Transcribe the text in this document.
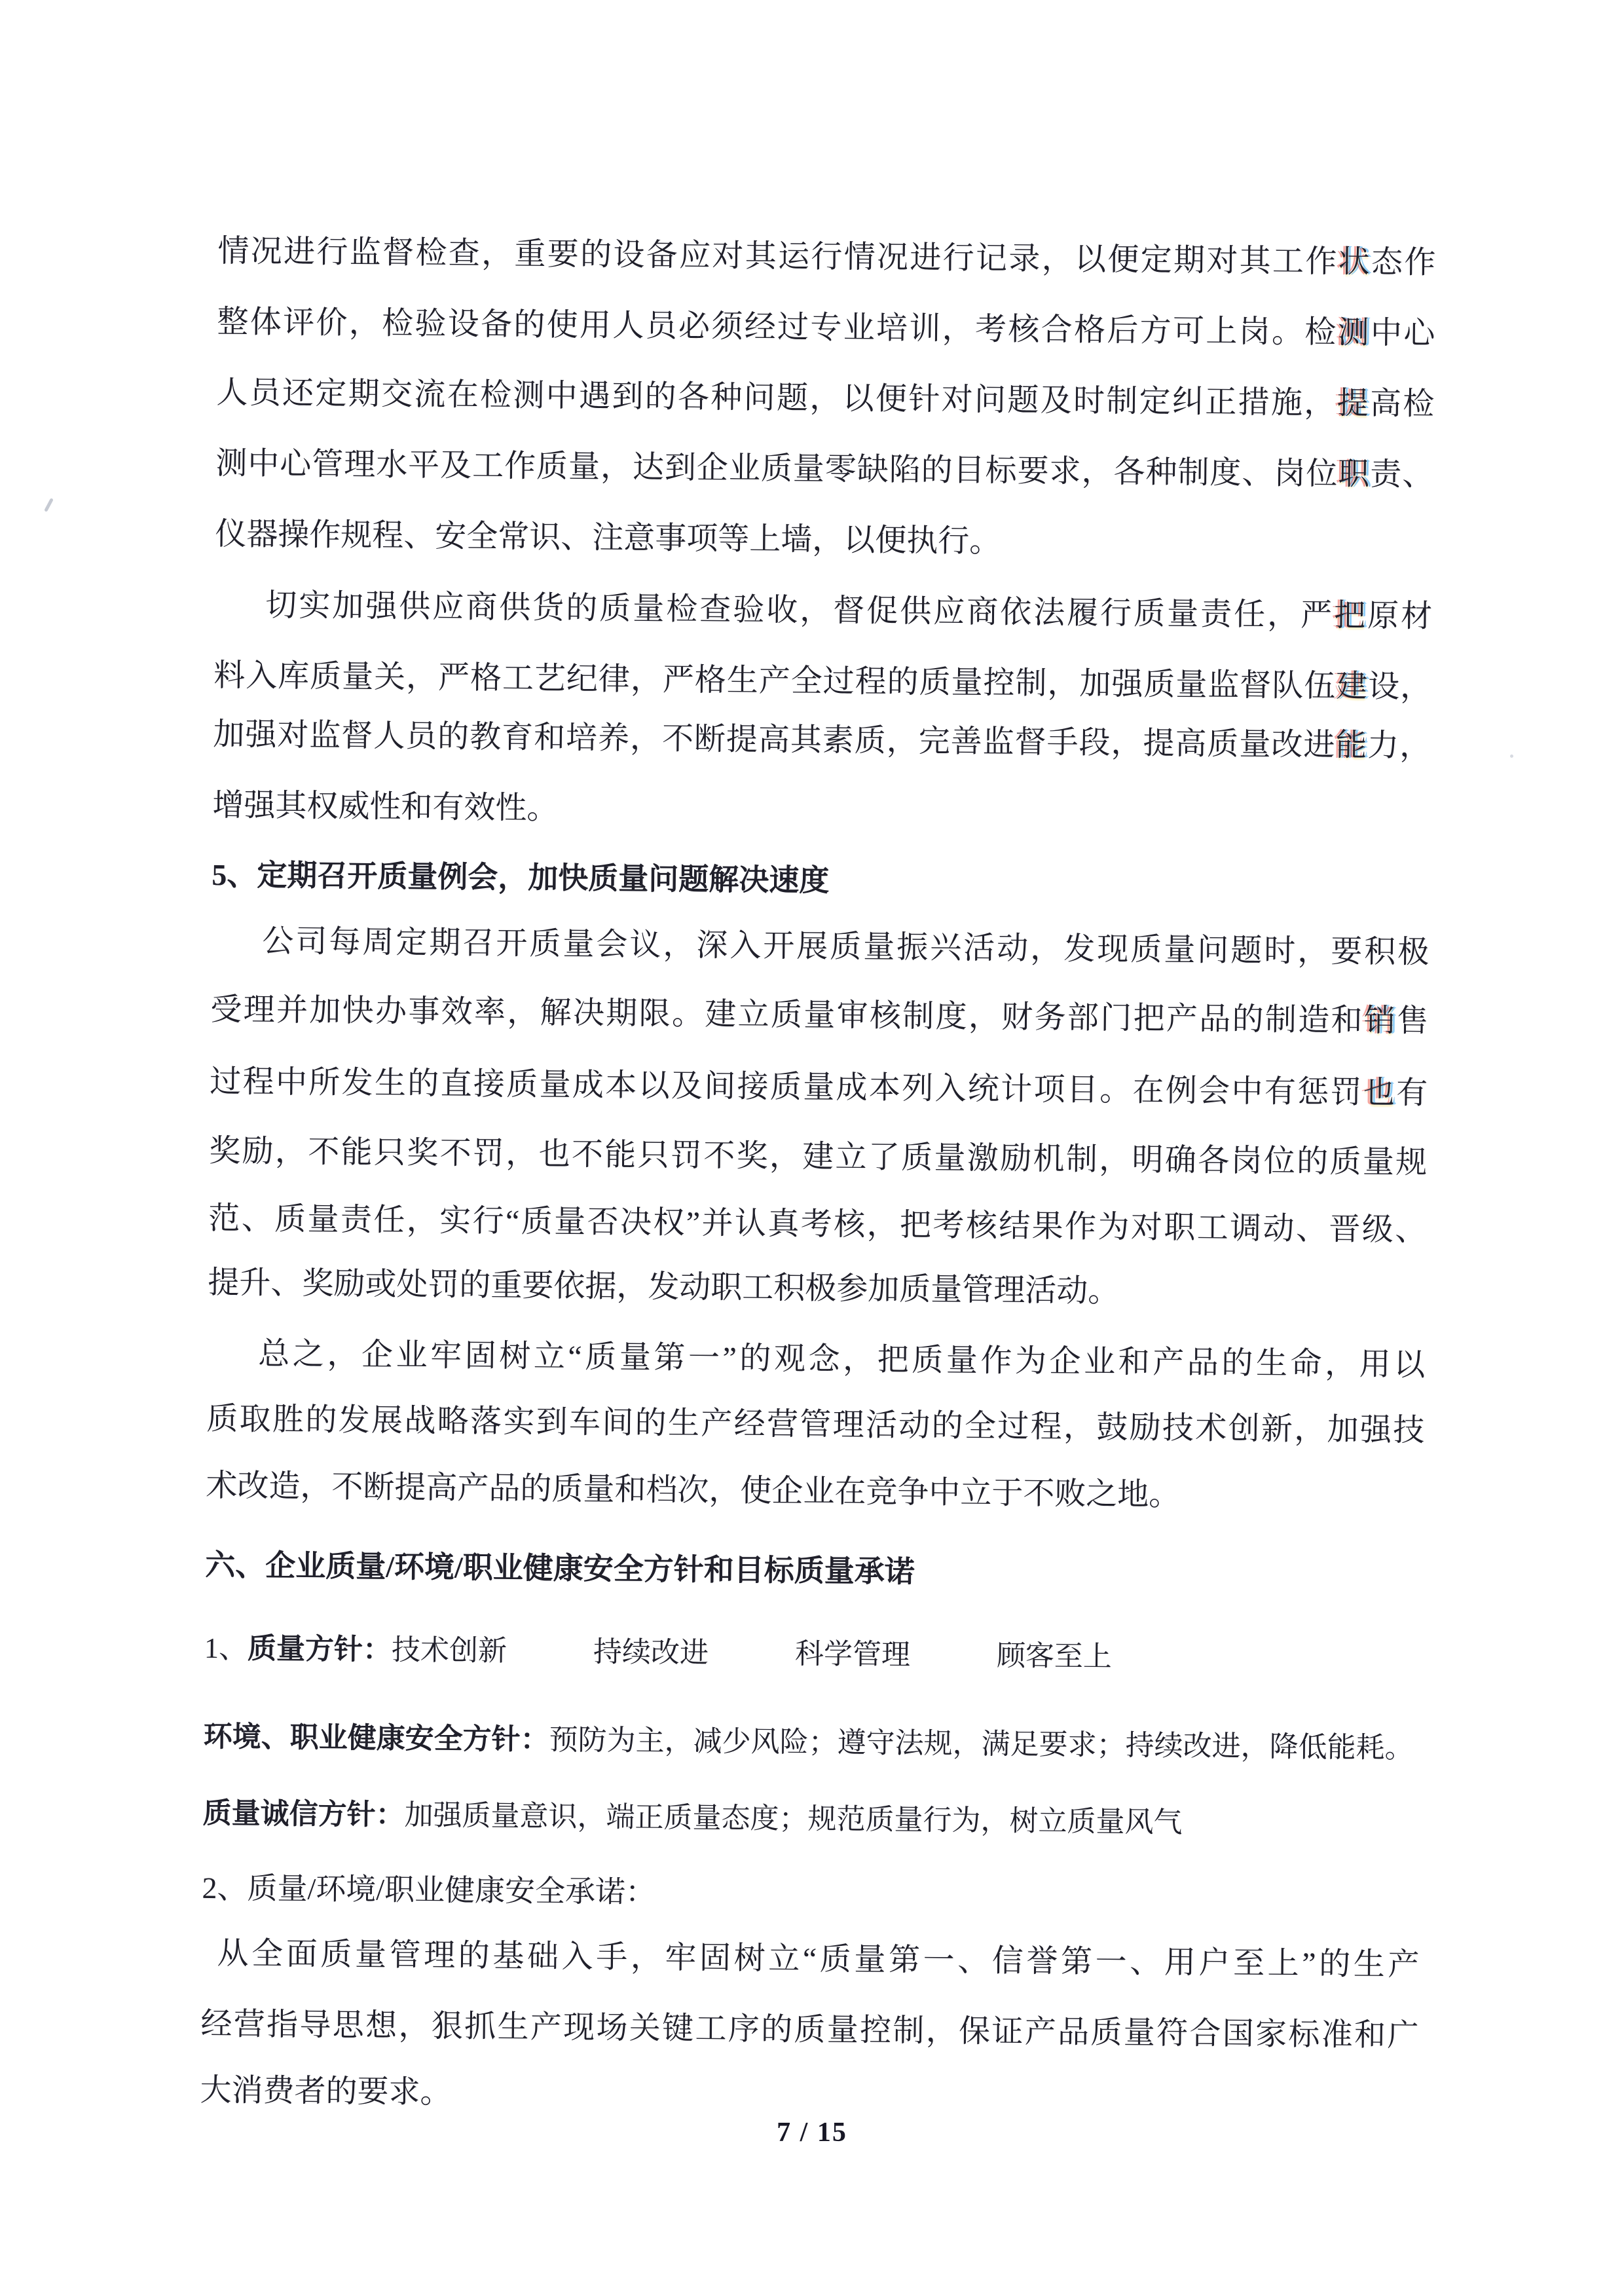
情况进行监督检查，重要的设备应对其运行情况进行记录，以便定期对其工作状态作

整体评价，检验设备的使用人员必须经过专业培训，考核合格后方可上岗。检测中心

人员还定期交流在检测中遇到的各种问题，以便针对问题及时制定纠正措施，提高检

测中心管理水平及工作质量，达到企业质量零缺陷的目标要求，各种制度、岗位职责、

仪器操作规程、安全常识、注意事项等上墙，以便执行。

切实加强供应商供货的质量检查验收，督促供应商依法履行质量责任，严把原材

料入库质量关，严格工艺纪律，严格生产全过程的质量控制，加强质量监督队伍建设，

加强对监督人员的教育和培养，不断提高其素质，完善监督手段，提高质量改进能力，

增强其权威性和有效性。

5、定期召开质量例会，加快质量问题解决速度

公司每周定期召开质量会议，深入开展质量振兴活动，发现质量问题时，要积极

受理并加快办事效率，解决期限。建立质量审核制度，财务部门把产品的制造和销售

过程中所发生的直接质量成本以及间接质量成本列入统计项目。在例会中有惩罚也有

奖励，不能只奖不罚，也不能只罚不奖，建立了质量激励机制，明确各岗位的质量规

范、质量责任，实行“质量否决权”并认真考核，把考核结果作为对职工调动、晋级、

提升、奖励或处罚的重要依据，发动职工积极参加质量管理活动。

总之，企业牢固树立“质量第一”的观念，把质量作为企业和产品的生命，用以

质取胜的发展战略落实到车间的生产经营管理活动的全过程，鼓励技术创新，加强技

术改造，不断提高产品的质量和档次，使企业在竞争中立于不败之地。

六、企业质量/环境/职业健康安全方针和目标质量承诺

1、质量方针：技术创新　　　持续改进　　　科学管理　　　顾客至上

环境、职业健康安全方针：预防为主，减少风险；遵守法规，满足要求；持续改进，降低能耗。

质量诚信方针：加强质量意识，端正质量态度；规范质量行为，树立质量风气

2、质量/环境/职业健康安全承诺：

从全面质量管理的基础入手，牢固树立“质量第一、信誉第一、用户至上”的生产

经营指导思想，狠抓生产现场关键工序的质量控制，保证产品质量符合国家标准和广

大消费者的要求。

7 / 15
